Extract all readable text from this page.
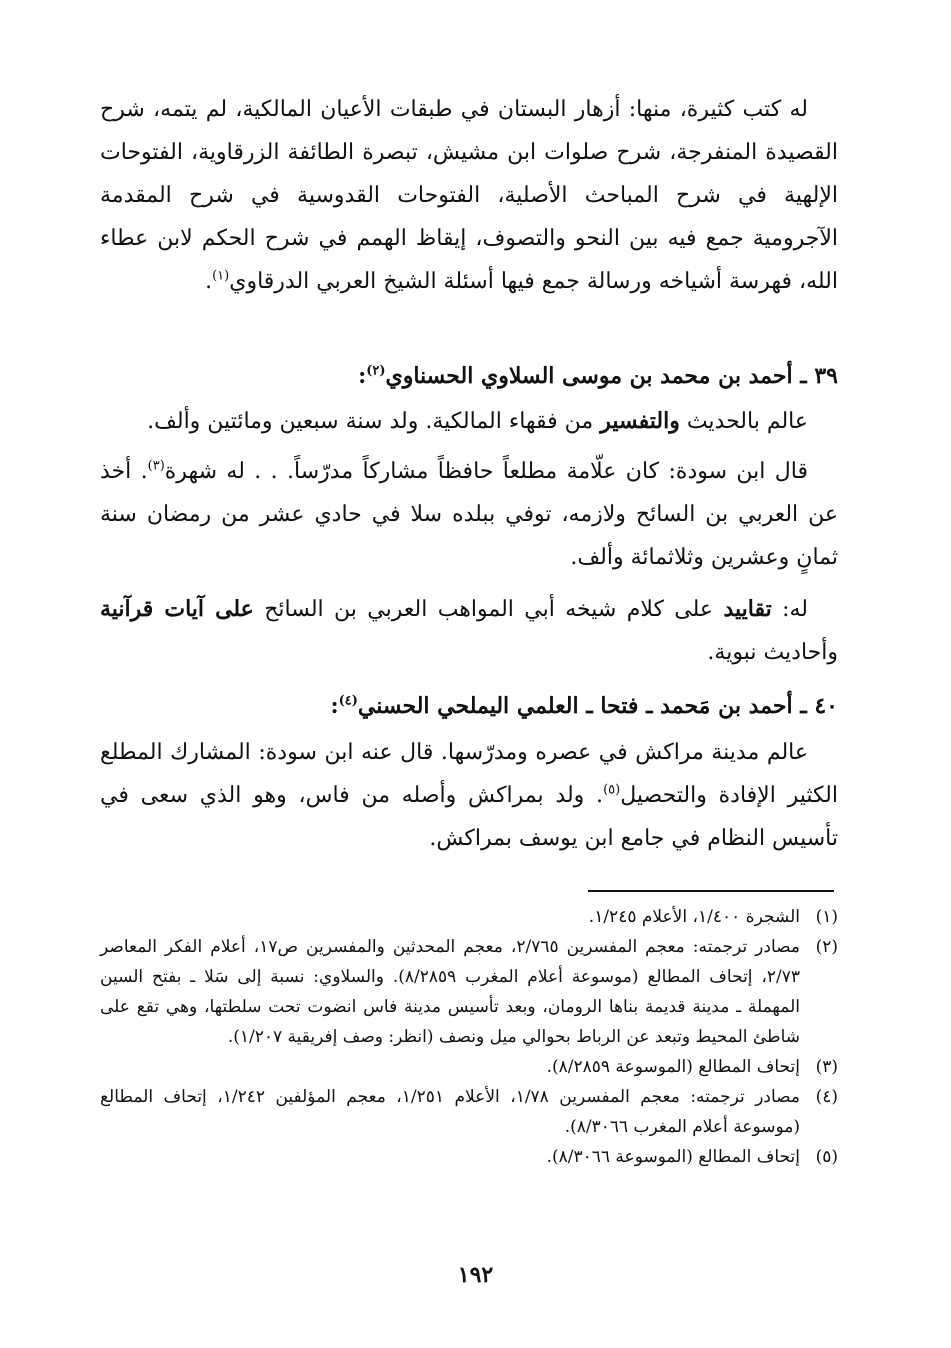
له كتب كثيرة، منها: أزهار البستان في طبقات الأعيان المالكية، لم يتمه، شرح القصيدة المنفرجة، شرح صلوات ابن مشيش، تبصرة الطائفة الزرقاوية، الفتوحات الإلهية في شرح المباحث الأصلية، الفتوحات القدوسية في شرح المقدمة الآجرومية جمع فيه بين النحو والتصوف، إيقاظ الهمم في شرح الحكم لابن عطاء الله، فهرسة أشياخه ورسالة جمع فيها أسئلة الشيخ العربي الدرقاوي$^{(١)}$.

٣٩ ـ أحمد بن محمد بن موسى السلاوي الحسناوي$^{(٢)}$:

عالم بالحديث والتفسير من فقهاء المالكية. ولد سنة سبعين ومائتين وألف.

قال ابن سودة: كان علّامة مطلعاً حافظاً مشاركاً مدرّساً. . . له شهرة$^{(٣)}$. أخذ عن العربي بن السائح ولازمه، توفي ببلده سلا في حادي عشر من رمضان سنة ثمانٍ وعشرين وثلاثمائة وألف.

له: تقاييد على كلام شيخه أبي المواهب العربي بن السائح على آيات قرآنية وأحاديث نبوية.

٤٠ ـ أحمد بن مَحمد ـ فتحا ـ العلمي اليملحي الحسني$^{(٤)}$:

عالم مدينة مراكش في عصره ومدرّسها. قال عنه ابن سودة: المشارك المطلع الكثير الإفادة والتحصيل$^{(٥)}$. ولد بمراكش وأصله من فاس، وهو الذي سعى في تأسيس النظام في جامع ابن يوسف بمراكش.

(١)
الشجرة ١/٤٠٠، الأعلام ١/٢٤٥.
(٢)
مصادر ترجمته: معجم المفسرين ٢/٧٦٥، معجم المحدثين والمفسرين ص١٧، أعلام الفكر المعاصر ٢/٧٣، إتحاف المطالع (موسوعة أعلام المغرب ٨/٢٨٥٩). والسلاوي: نسبة إلى سَلا ـ بفتح السين المهملة ـ مدينة قديمة بناها الرومان، وبعد تأسيس مدينة فاس انضوت تحت سلطتها، وهي تقع على شاطئ المحيط وتبعد عن الرباط بحوالي ميل ونصف (انظر: وصف إفريقية ١/٢٠٧).
(٣)
إتحاف المطالع (الموسوعة ٨/٢٨٥٩).
(٤)
مصادر ترجمته: معجم المفسرين ١/٧٨، الأعلام ١/٢٥١، معجم المؤلفين ١/٢٤٢، إتحاف المطالع (موسوعة أعلام المغرب ٨/٣٠٦٦).
(٥)
إتحاف المطالع (الموسوعة ٨/٣٠٦٦).
١٩٢
